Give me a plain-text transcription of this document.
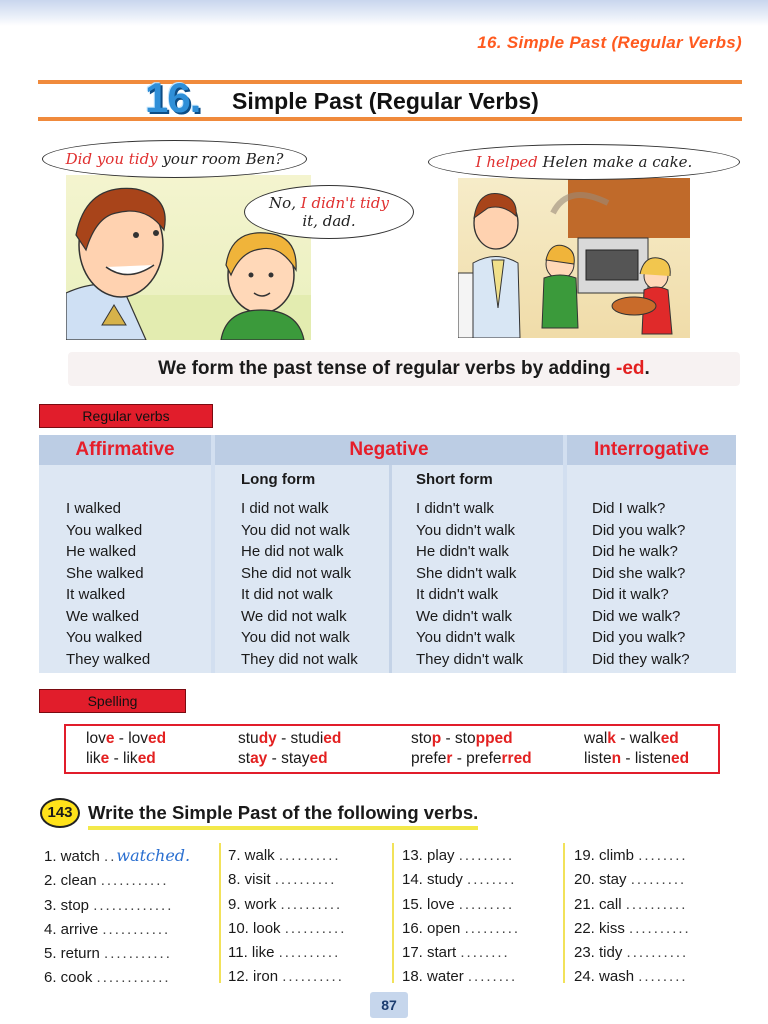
16. Simple Past (Regular Verbs)
16. Simple Past (Regular Verbs)
Did you tidy your room Ben?
No, I didn't tidy it, dad.
I helped Helen make a cake.
We form the past tense of regular verbs by adding -ed.
Regular verbs
Affirmative
I walked
You walked
He walked
She walked
It walked
We walked
You walked
They walked
Negative
Long form	Short form
I did not walk
You did not walk
He did not walk
She did not walk
It did not walk
We did not walk
You did not walk
They did not walk
I didn't walk
You didn't walk
He didn't walk
She didn't walk
It didn't walk
We didn't walk
You didn't walk
They didn't walk
Interrogative
Did I walk?
Did you walk?
Did he walk?
Did she walk?
Did it walk?
Did we walk?
Did you walk?
Did they walk?
Spelling
love - loved
like - liked
study - studied
stay - stayed
stop - stopped
prefer - preferred
walk - walked
listen - listened
143 Write the Simple Past of the following verbs.
1. watch ..watched.
2. clean ...........
3. stop .............
4. arrive ...........
5. return ...........
6. cook ............
7. walk ..........
8. visit ..........
9. work ..........
10. look ..........
11. like ..........
12. iron ..........
13. play .........
14. study ........
15. love .........
16. open .........
17. start ........
18. water ........
19. climb ........
20. stay .........
21. call ..........
22. kiss ..........
23. tidy ..........
24. wash ........
87
